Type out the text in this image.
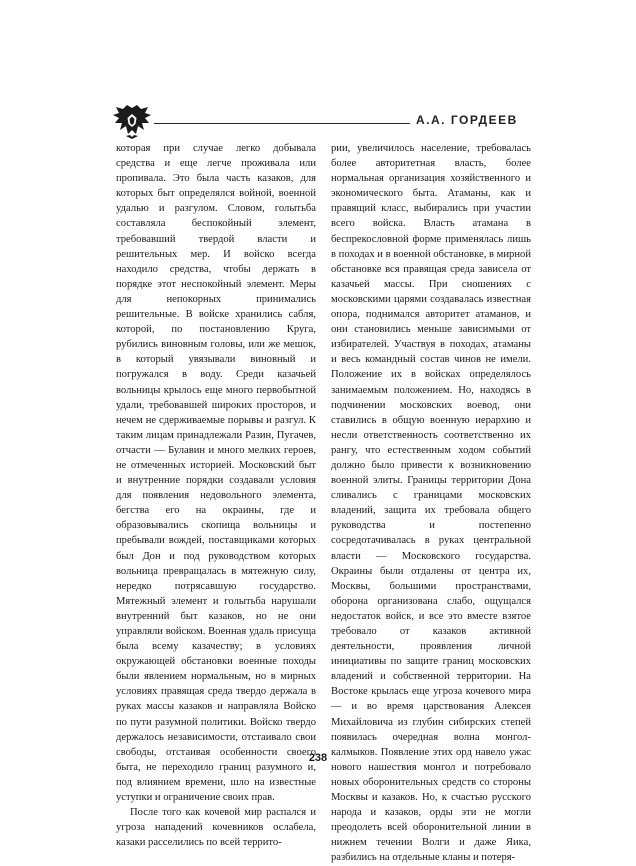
А.А. ГОРДЕЕВ

которая при случае легко добывала средства и еще легче проживала или пропивала. Это была часть казаков, для которых быт определялся войной, военной удалью и разгулом. Словом, голытьба составляла беспокойный элемент, требовавший твердой власти и решительных мер. И войско всегда находило средства, чтобы держать в порядке этот неспокойный элемент. Меры для непокорных принимались решительные. В войске хранились сабля, которой, по постановлению Круга, рубились виновным головы, или же мешок, в который увязывали виновный и погружался в воду. Среди казачьей вольницы крылось еще много первобытной удали, требовавшей широких просторов, и нечем не сдерживаемые порывы и разгул. К таким лицам принадлежали Разин, Пугачев, отчасти — Булавин и много мелких героев, не отмеченных историей. Московский быт и внутренние порядки создавали условия для появления недовольного элемента, бегства его на окраины, где и образовывались скопища вольницы и пребывали вождей, поставщиками которых был Дон и под руководством которых вольница превращалась в мятежную силу, нередко потрясавшую государство. Мятежный элемент и голытьба нарушали внутренний быт казаков, но не они управляли войском. Военная удаль присуща была всему казачеству; в условиях окружающей обстановки военные походы были явлением нормальным, но в мирных условиях правящая среда твердо держала в руках массы казаков и направляла Войско по пути разумной политики. Войско твердо держалось независимости, отстаивало свои свободы, отстаивая особенности своего быта, не переходило границ разумного и, под влиянием времени, шло на известные уступки и ограничение своих прав.

После того как кочевой мир распался и угроза нападений кочевников ослабела, казаки расселились по всей террито-

рии, увеличилось население, требовалась более авторитетная власть, более нормальная организация хозяйственного и экономического быта. Атаманы, как и правящий класс, выбирались при участии всего войска. Власть атамана в беспрекословной форме применялась лишь в походах и в военной обстановке, в мирной обстановке вся правящая среда зависела от казачьей массы. При сношениях с московскими царями создавалась известная опора, поднимался авторитет атаманов, и они становились меньше зависимыми от избирателей. Участвуя в походах, атаманы и весь командный состав чинов не имели. Положение их в войсках определялось занимаемым положением. Но, находясь в подчинении московских воевод, они ставились в общую военную иерархию и несли ответственность соответственно их рангу, что естественным ходом событий должно было привести к возникновению военной элиты. Границы территории Дона сливались с границами московских владений, защита их требовала общего руководства и постепенно сосредотачивалась в руках центральной власти — Московского государства. Окраины были отдалены от центра их, Москвы, большими пространствами, оборона организована слабо, ощущался недостаток войск, и все это вместе взятое требовало от казаков активной деятельности, проявления личной инициативы по защите границ московских владений и собственной территории. На Востоке крылась еще угроза кочевого мира — и во время царствования Алексея Михайловича из глубин сибирских степей появилась очередная волна монгол-калмыков. Появление этих орд навело ужас нового нашествия монгол и потребовало новых оборонительных средств со стороны Москвы и казаков. Но, к счастью русского народа и казаков, орды эти не могли преодолеть всей оборонительной линии в нижнем течении Волги и даже Яика, разбились на отдельные кланы и потеря-

238
